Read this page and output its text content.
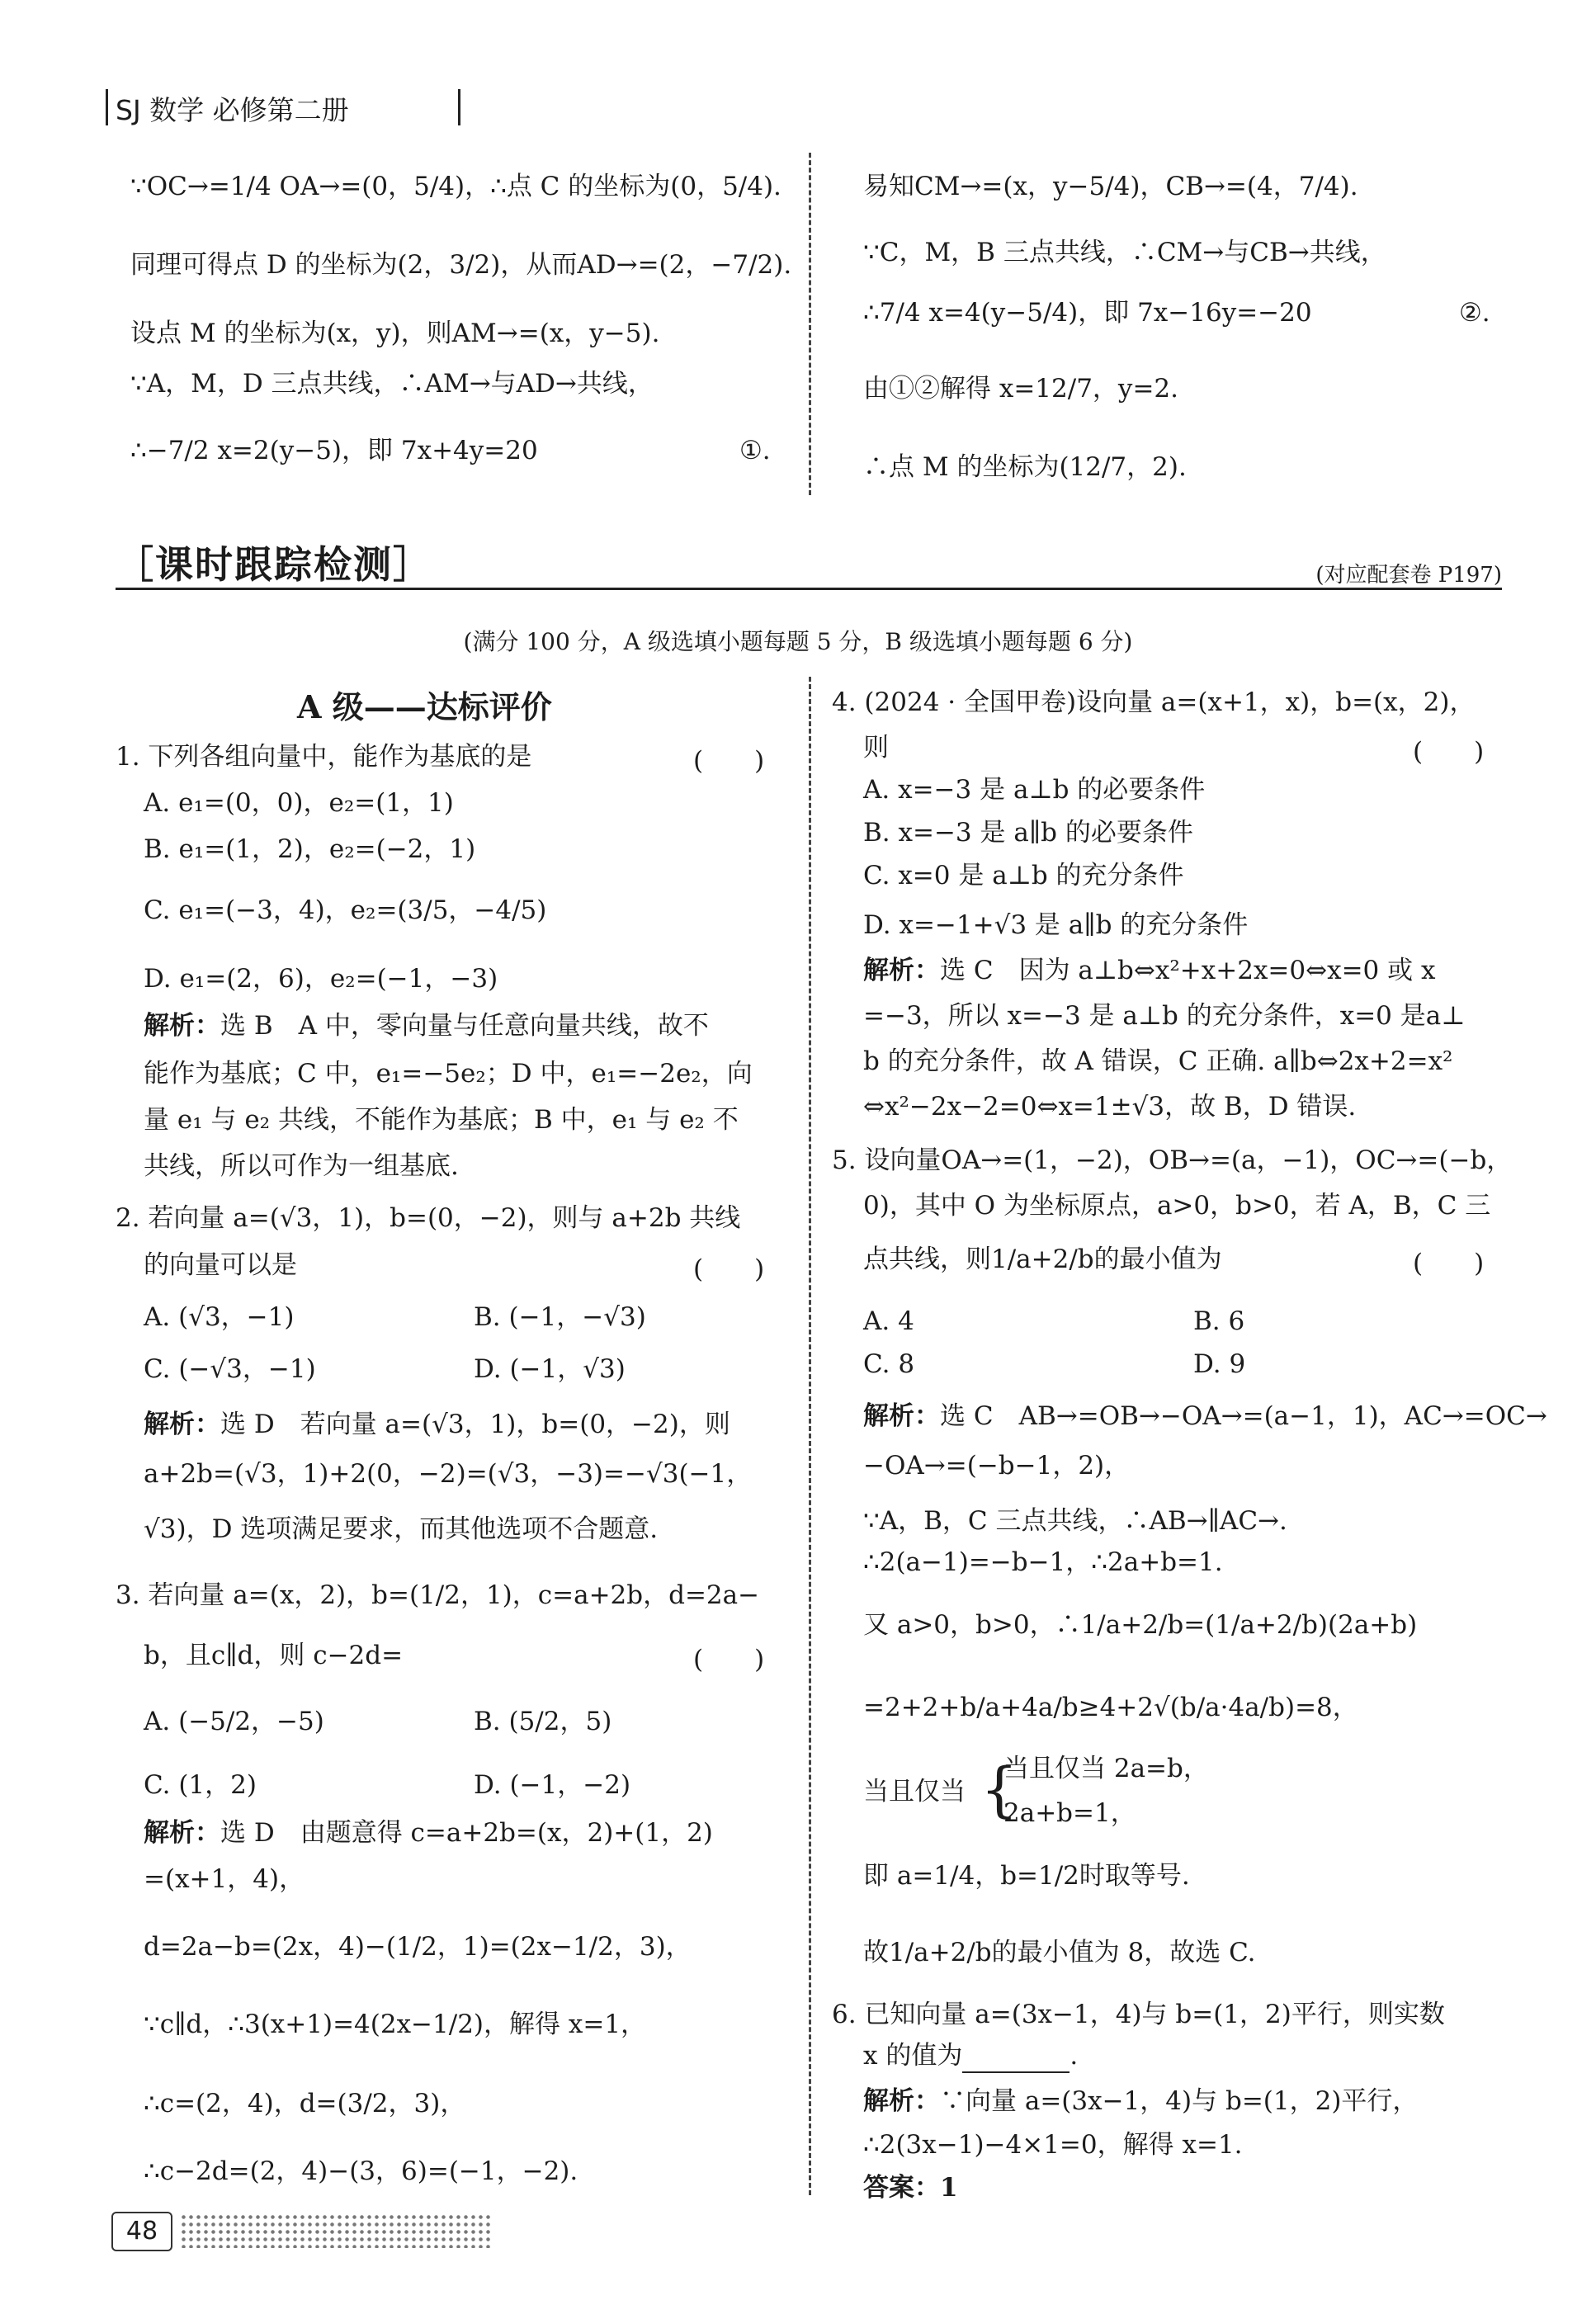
SJ 数学 必修第二册
∵OC→=1/4 OA→=(0，5/4)，∴点 C 的坐标为(0，5/4).
同理可得点 D 的坐标为(2，3/2)，从而AD→=(2，−7/2).
设点 M 的坐标为(x，y)，则AM→=(x，y−5).
∵A，M，D 三点共线，∴AM→与AD→共线，
∴−7/2 x=2(y−5)，即 7x+4y=20	①.
易知CM→=(x，y−5/4)，CB→=(4，7/4).
∵C，M，B 三点共线，∴CM→与CB→共线，
∴7/4 x=4(y−5/4)，即 7x−16y=−20	②.
由①②解得 x=12/7，y=2.
∴点 M 的坐标为(12/7，2).
［课时跟踪检测］	(对应配套卷 P197)
(满分 100 分，A 级选填小题每题 5 分，B 级选填小题每题 6 分)
A 级——达标评价
1. 下列各组向量中，能作为基底的是	(　　)
A. e₁=(0，0)，e₂=(1，1)
B. e₁=(1，2)，e₂=(−2，1)
C. e₁=(−3，4)，e₂=(3/5，−4/5)
D. e₁=(2，6)，e₂=(−1，−3)
解析：选 B　A 中，零向量与任意向量共线，故不
能作为基底；C 中，e₁=−5e₂；D 中，e₁=−2e₂，向
量 e₁ 与 e₂ 共线，不能作为基底；B 中，e₁ 与 e₂ 不
共线，所以可作为一组基底.
2. 若向量 a=(√3，1)，b=(0，−2)，则与 a+2b 共线
的向量可以是	(　　)
A. (√3，−1)	B. (−1，−√3)
C. (−√3，−1)	D. (−1，√3)
解析：选 D　若向量 a=(√3，1)，b=(0，−2)，则
a+2b=(√3，1)+2(0，−2)=(√3，−3)=−√3(−1，
√3)，D 选项满足要求，而其他选项不合题意.
3. 若向量 a=(x，2)，b=(1/2，1)，c=a+2b，d=2a−
b，且c∥d，则 c−2d=	(　　)
A. (−5/2，−5)	B. (5/2，5)
C. (1，2)	D. (−1，−2)
解析：选 D　由题意得 c=a+2b=(x，2)+(1，2)
=(x+1，4)，
d=2a−b=(2x，4)−(1/2，1)=(2x−1/2，3)，
∵c∥d，∴3(x+1)=4(2x−1/2)，解得 x=1，
∴c=(2，4)，d=(3/2，3)，
∴c−2d=(2，4)−(3，6)=(−1，−2).
4. (2024 · 全国甲卷)设向量 a=(x+1，x)，b=(x，2)，
则	(　　)
A. x=−3 是 a⊥b 的必要条件
B. x=−3 是 a∥b 的必要条件
C. x=0 是 a⊥b 的充分条件
D. x=−1+√3 是 a∥b 的充分条件
解析：选 C　因为 a⊥b⇔x²+x+2x=0⇔x=0 或 x
=−3，所以 x=−3 是 a⊥b 的充分条件，x=0 是a⊥
b 的充分条件，故 A 错误，C 正确. a∥b⇔2x+2=x²
⇔x²−2x−2=0⇔x=1±√3，故 B，D 错误.
5. 设向量OA→=(1，−2)，OB→=(a，−1)，OC→=(−b，
0)，其中 O 为坐标原点，a>0，b>0，若 A，B，C 三
点共线，则1/a+2/b的最小值为	(　　)
A. 4	B. 6
C. 8	D. 9
解析：选 C　AB→=OB→−OA→=(a−1，1)，AC→=OC→
−OA→=(−b−1，2)，
∵A，B，C 三点共线，∴AB→∥AC→.
∴2(a−1)=−b−1，∴2a+b=1.
又 a>0，b>0，∴1/a+2/b=(1/a+2/b)(2a+b)
=2+2+b/a+4a/b≥4+2√(b/a·4a/b)=8，
当且仅当 {
当且仅当 2a=b，
2a+b=1，
即 a=1/4，b=1/2时取等号.
故1/a+2/b的最小值为 8，故选 C.
6. 已知向量 a=(3x−1，4)与 b=(1，2)平行，则实数
x 的值为	.
解析：∵向量 a=(3x−1，4)与 b=(1，2)平行，
∴2(3x−1)−4×1=0，解得 x=1.
答案：1
48
